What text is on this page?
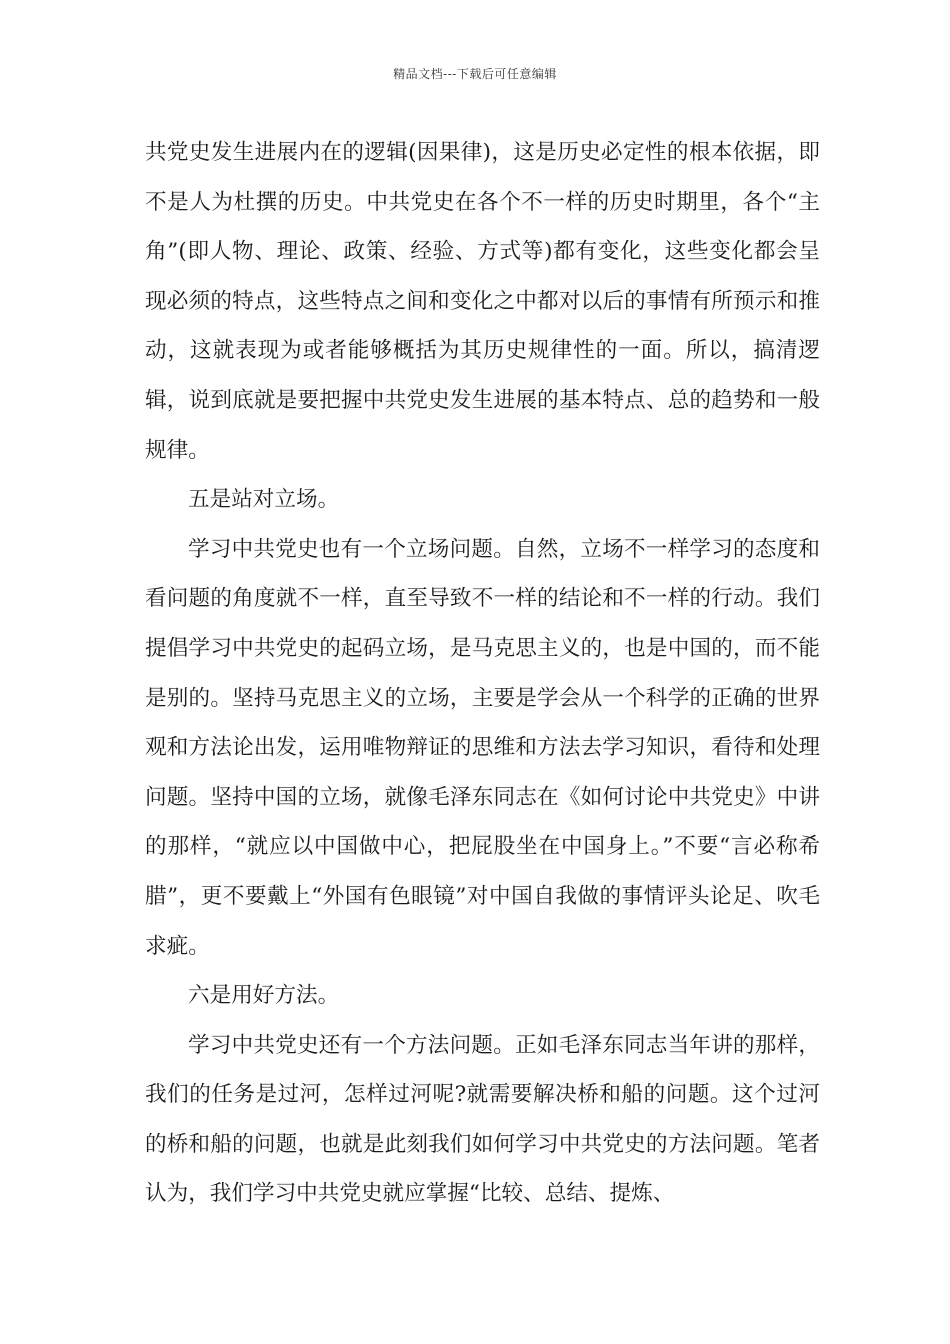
精品文档---下载后可任意编辑

共党史发生进展内在的逻辑(因果律)，这是历史必定性的根本依据，即不是人为杜撰的历史。中共党史在各个不一样的历史时期里，各个“主角”(即人物、理论、政策、经验、方式等)都有变化，这些变化都会呈现必须的特点，这些特点之间和变化之中都对以后的事情有所预示和推动，这就表现为或者能够概括为其历史规律性的一面。所以，搞清逻辑，说到底就是要把握中共党史发生进展的基本特点、总的趋势和一般规律。

五是站对立场。

学习中共党史也有一个立场问题。自然，立场不一样学习的态度和看问题的角度就不一样，直至导致不一样的结论和不一样的行动。我们提倡学习中共党史的起码立场，是马克思主义的，也是中国的，而不能是别的。坚持马克思主义的立场，主要是学会从一个科学的正确的世界观和方法论出发，运用唯物辩证的思维和方法去学习知识，看待和处理问题。坚持中国的立场，就像毛泽东同志在《如何讨论中共党史》中讲的那样，“就应以中国做中心，把屁股坐在中国身上。”不要“言必称希腊”，更不要戴上“外国有色眼镜”对中国自我做的事情评头论足、吹毛求疵。

六是用好方法。

学习中共党史还有一个方法问题。正如毛泽东同志当年讲的那样，我们的任务是过河，怎样过河呢?就需要解决桥和船的问题。这个过河的桥和船的问题，也就是此刻我们如何学习中共党史的方法问题。笔者认为，我们学习中共党史就应掌握“比较、总结、提炼、
